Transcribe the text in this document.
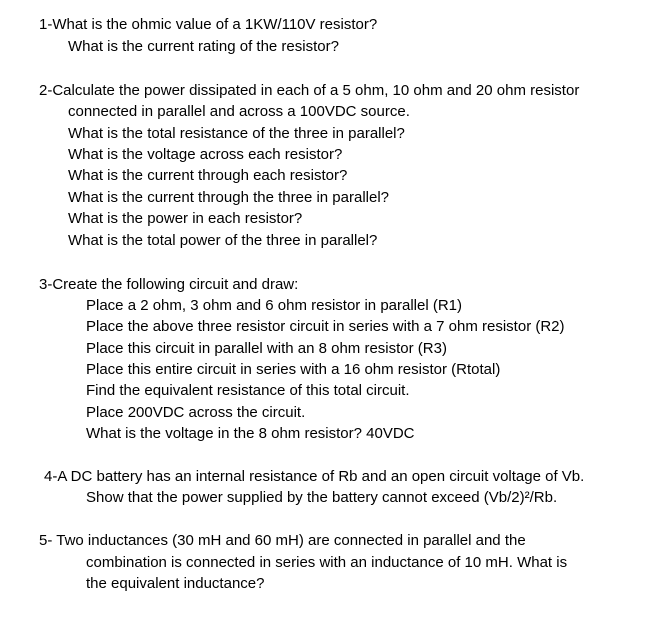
1-What is the ohmic value of a 1KW/110V resistor?
What is the current rating of the resistor?
2-Calculate the power dissipated in each of a 5 ohm, 10 ohm and 20 ohm resistor
connected in parallel and across a 100VDC source.
What is the total resistance of the three in parallel?
What is the voltage across each resistor?
What is the current through each resistor?
What is the current through the three in parallel?
What is the power in each resistor?
What is the total power of the three in parallel?
3-Create the following circuit and draw:
Place a 2 ohm, 3 ohm and 6 ohm resistor in parallel (R1)
Place the above three resistor circuit in series with a 7 ohm resistor (R2)
Place this circuit in parallel with an 8 ohm resistor (R3)
Place this entire circuit in series with a 16 ohm resistor (Rtotal)
Find the equivalent resistance of this total circuit.
Place 200VDC across the circuit.
What is the voltage in the 8 ohm resistor? 40VDC
4-A DC battery has an internal resistance of Rb and an open circuit voltage of Vb.
Show that the power supplied by the battery cannot exceed (Vb/2)²/Rb.
5- Two inductances (30 mH and 60 mH) are connected in parallel and the
combination is connected in series with an inductance of 10 mH. What is
the equivalent inductance?
